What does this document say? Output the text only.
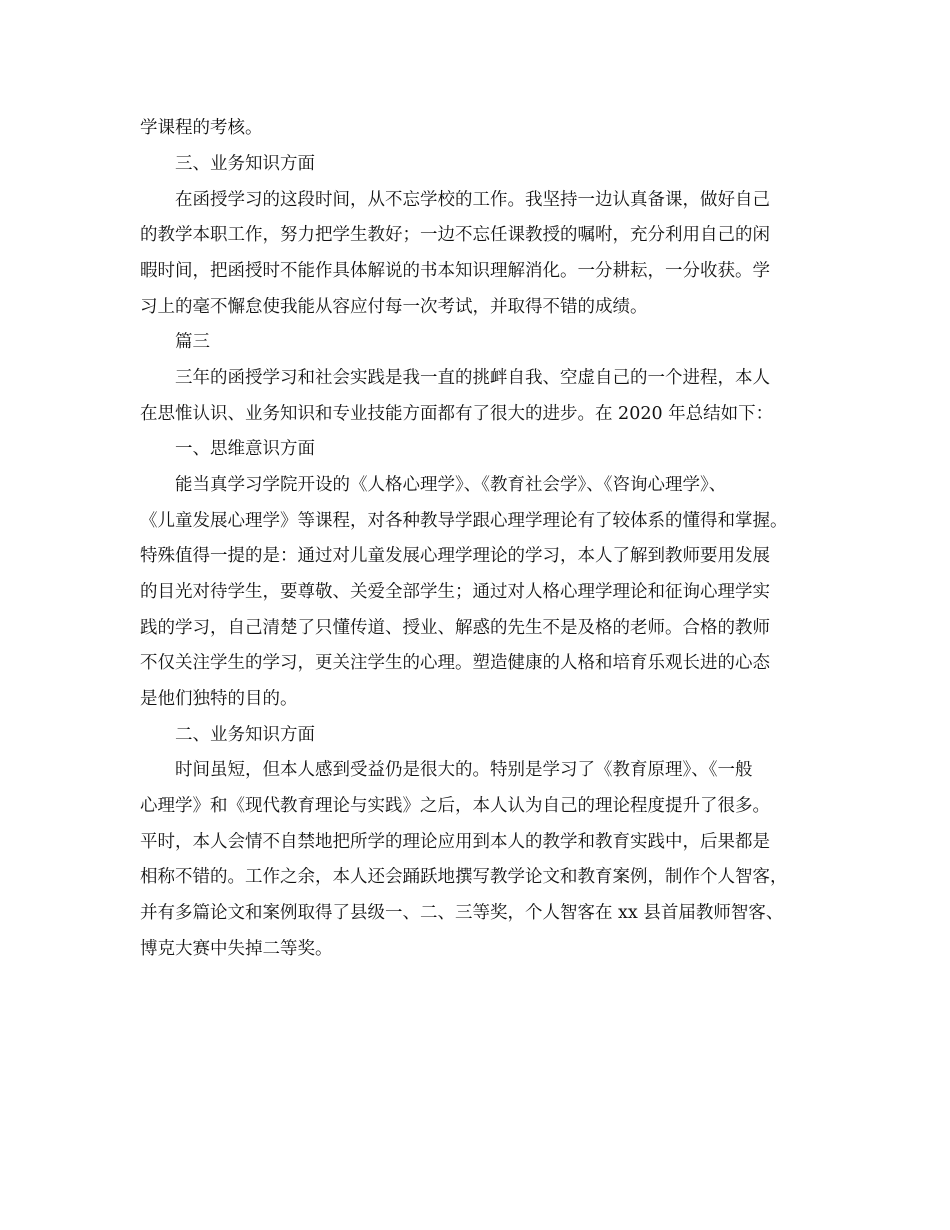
学课程的考核。
三、业务知识方面
在函授学习的这段时间，从不忘学校的工作。我坚持一边认真备课，做好自己
的教学本职工作，努力把学生教好；一边不忘任课教授的嘱咐，充分利用自己的闲
暇时间，把函授时不能作具体解说的书本知识理解消化。一分耕耘，一分收获。学
习上的毫不懈怠使我能从容应付每一次考试，并取得不错的成绩。
篇三
三年的函授学习和社会实践是我一直的挑衅自我、空虚自己的一个进程，本人
在思惟认识、业务知识和专业技能方面都有了很大的进步。在 2020 年总结如下：
一、思维意识方面
能当真学习学院开设的《人格心理学》、《教育社会学》、《咨询心理学》、
《儿童发展心理学》等课程，对各种教导学跟心理学理论有了较体系的懂得和掌握。
特殊值得一提的是：通过对儿童发展心理学理论的学习，本人了解到教师要用发展
的目光对待学生，要尊敬、关爱全部学生；通过对人格心理学理论和征询心理学实
践的学习，自己清楚了只懂传道、授业、解惑的先生不是及格的老师。合格的教师
不仅关注学生的学习，更关注学生的心理。塑造健康的人格和培育乐观长进的心态
是他们独特的目的。
二、业务知识方面
时间虽短，但本人感到受益仍是很大的。特别是学习了《教育原理》、《一般
心理学》和《现代教育理论与实践》之后，本人认为自己的理论程度提升了很多。
平时，本人会情不自禁地把所学的理论应用到本人的教学和教育实践中，后果都是
相称不错的。工作之余，本人还会踊跃地撰写教学论文和教育案例，制作个人智客，
并有多篇论文和案例取得了县级一、二、三等奖，个人智客在 xx 县首届教师智客、
博克大赛中失掉二等奖。
